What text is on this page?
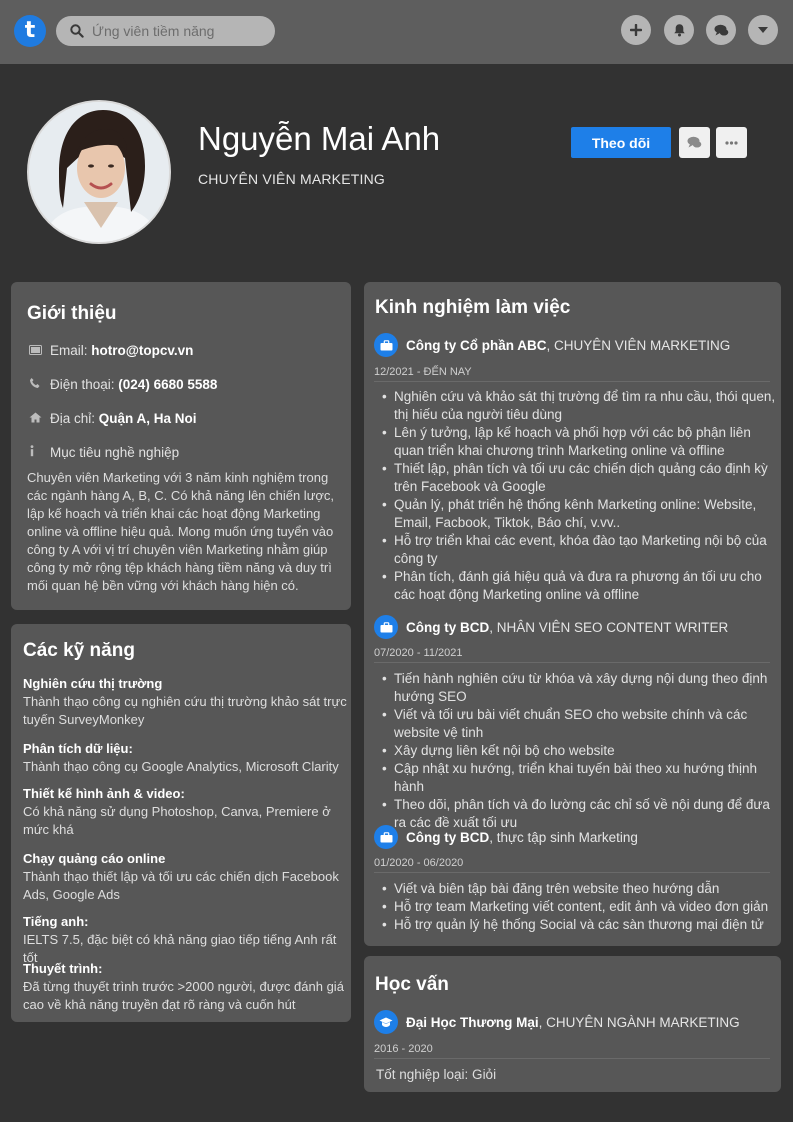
t
Ứng viên tiềm năng
Nguyễn Mai Anh
CHUYÊN VIÊN MARKETING
Theo dõi
Giới thiệu
Email: hotro@topcv.vn
Điện thoại: (024) 6680 5588
Địa chỉ: Quận A, Ha Noi
Mục tiêu nghề nghiệp
Chuyên viên Marketing với 3 năm kinh nghiệm trong các ngành hàng A, B, C. Có khả năng lên chiến lược, lập kế hoạch và triển khai các hoạt động Marketing online và offline hiệu quả. Mong muốn ứng tuyển vào công ty A với vị trí chuyên viên Marketing nhằm giúp công ty mở rộng tệp khách hàng tiềm năng và duy trì mối quan hệ bền vững với khách hàng hiện có.
Các kỹ năng
Nghiên cứu thị trường
Thành thạo công cụ nghiên cứu thị trường khảo sát trực tuyến SurveyMonkey
Phân tích dữ liệu:
Thành thạo công cụ Google Analytics, Microsoft Clarity
Thiết kế hình ảnh & video:
Có khả năng sử dụng Photoshop, Canva, Premiere ở mức khá
Chạy quảng cáo online
Thành thạo thiết lập và tối ưu các chiến dịch Facebook Ads, Google Ads
Tiếng anh:
IELTS 7.5, đặc biệt có khả năng giao tiếp tiếng Anh rất tốt
Thuyết trình:
Đã từng thuyết trình trước >2000 người, được đánh giá cao về khả năng truyền đạt rõ ràng và cuốn hút
Kinh nghiệm làm việc
Công ty Cổ phần ABC , CHUYÊN VIÊN MARKETING
12/2021 - ĐẾN NAY
• Nghiên cứu và khảo sát thị trường để tìm ra nhu cầu, thói quen, thị hiếu của người tiêu dùng
• Lên ý tưởng, lập kế hoạch và phối hợp với các bộ phận liên quan triển khai chương trình Marketing online và offline
• Thiết lập, phân tích và tối ưu các chiến dịch quảng cáo định kỳ trên Facebook và Google
• Quản lý, phát triển hệ thống kênh Marketing online: Website, Email, Facbook, Tiktok, Báo chí, v.vv..
• Hỗ trợ triển khai các event, khóa đào tạo Marketing nội bộ của công ty
• Phân tích, đánh giá hiệu quả và đưa ra phương án tối ưu cho các hoạt động Marketing online và offline
Công ty BCD , NHÂN VIÊN SEO CONTENT WRITER
07/2020 - 11/2021
• Tiến hành nghiên cứu từ khóa và xây dựng nội dung theo định hướng SEO
• Viết và tối ưu bài viết chuẩn SEO cho website chính và các website vệ tinh
• Xây dựng liên kết nội bộ cho website
• Cập nhật xu hướng, triển khai tuyến bài theo xu hướng thịnh hành
• Theo dõi, phân tích và đo lường các chỉ số về nội dung để đưa ra các đề xuất tối ưu
Công ty BCD , thực tập sinh Marketing
01/2020 - 06/2020
• Viết và biên tập bài đăng trên website theo hướng dẫn
• Hỗ trợ team Marketing viết content, edit ảnh và video đơn giản
• Hỗ trợ quản lý hệ thống Social và các sàn thương mại điện tử
Học vấn
Đại Học Thương Mại , CHUYÊN NGÀNH MARKETING
2016 - 2020
Tốt nghiệp loại: Giỏi
